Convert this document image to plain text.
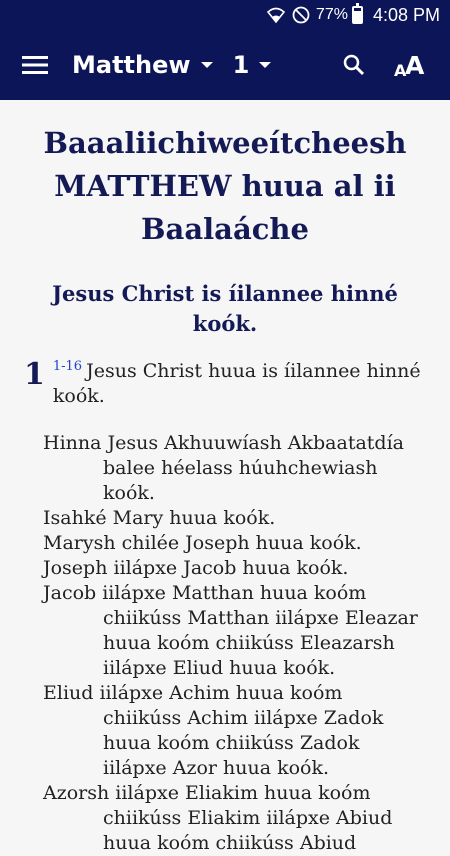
77% 4:08 PM
Matthew 1	A
A
Baaaliichiweeítcheesh MATTHEW huua al ii Baalaáche
Jesus Christ is íilannee hinné koók.
1 $^{1-16}$ Jesus Christ huua is íilannee hinné koók.
Hinna Jesus Akhuuwíash Akbaatatdía balee héelass húuhchewiash koók.
Isahké Mary huua koók.
Marysh chilée Joseph huua koók.
Joseph iilápxe Jacob huua koók.
Jacob iilápxe Matthan huua koóm chiikúss Matthan iilápxe Eleazar huua koóm chiikúss Eleazarsh iilápxe Eliud huua koók.
Eliud iilápxe Achim huua koóm chiikúss Achim iilápxe Zadok huua koóm chiikúss Zadok iilápxe Azor huua koók.
Azorsh iilápxe Eliakim huua koóm chiikúss Eliakim iilápxe Abiud huua koóm chiikúss Abiud
